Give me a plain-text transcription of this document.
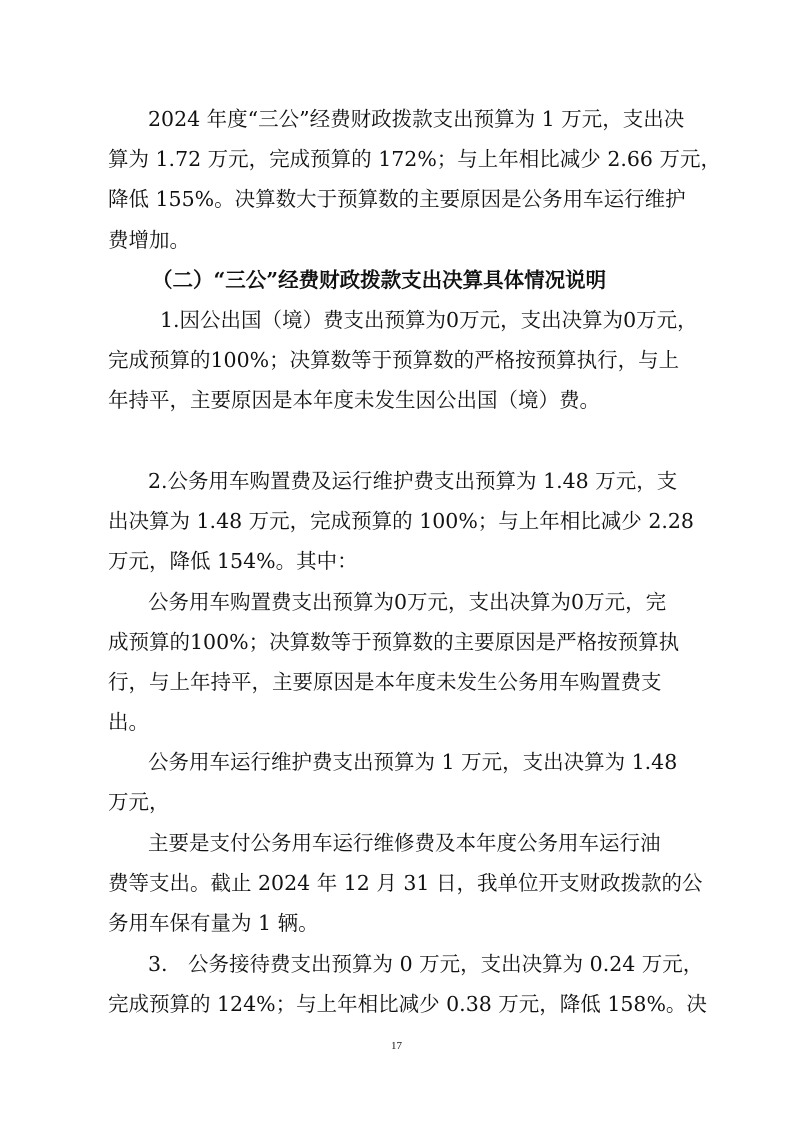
2024 年度“三公”经费财政拨款支出预算为 1 万元，支出决
算为 1.72 万元，完成预算的 172%；与上年相比减少 2.66 万元，
降低 155%。决算数大于预算数的主要原因是公务用车运行维护
费增加。
（二）“三公”经费财政拨款支出决算具体情况说明
1.因公出国（境）费支出预算为0万元，支出决算为0万元，
完成预算的100%；决算数等于预算数的严格按预算执行，与上
年持平，主要原因是本年度未发生因公出国（境）费。
2.公务用车购置费及运行维护费支出预算为 1.48 万元，支
出决算为 1.48 万元，完成预算的 100%；与上年相比减少 2.28
万元，降低 154%。其中：
公务用车购置费支出预算为0万元，支出决算为0万元，完
成预算的100%；决算数等于预算数的主要原因是严格按预算执
行，与上年持平，主要原因是本年度未发生公务用车购置费支
出。
公务用车运行维护费支出预算为 1 万元，支出决算为 1.48
万元，
主要是支付公务用车运行维修费及本年度公务用车运行油
费等支出。截止 2024 年 12 月 31 日，我单位开支财政拨款的公
务用车保有量为 1 辆。
3.　公务接待费支出预算为 0 万元，支出决算为 0.24 万元，
完成预算的 124%；与上年相比减少 0.38 万元，降低 158%。决
17
